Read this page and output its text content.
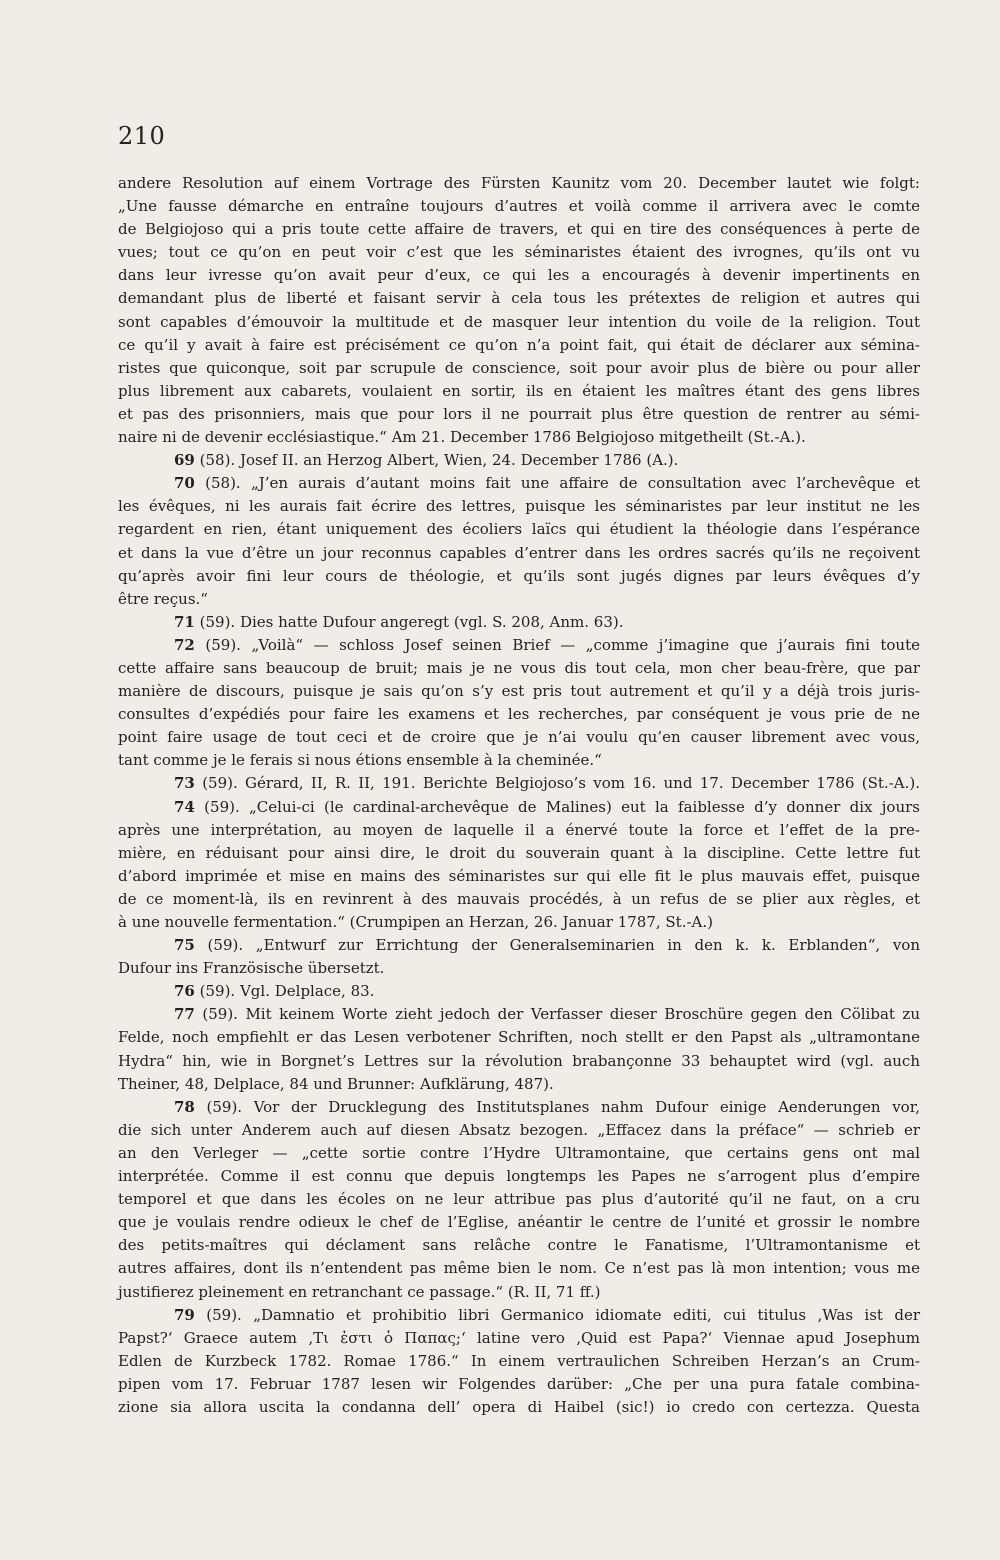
210
andere Resolution auf einem Vortrage des Fürsten Kaunitz vom 20. December lautet wie folgt:
„Une fausse démarche en entraîne toujours d’autres et voilà comme il arrivera avec le comte
de Belgiojoso qui a pris toute cette affaire de travers, et qui en tire des conséquences à perte de
vues; tout ce qu’on en peut voir c’est que les séminaristes étaient des ivrognes, qu’ils ont vu
dans leur ivresse qu’on avait peur d’eux, ce qui les a encouragés à devenir impertinents en
demandant plus de liberté et faisant servir à cela tous les prétextes de religion et autres qui
sont capables d’émouvoir la multitude et de masquer leur intention du voile de la religion. Tout
ce qu’il y avait à faire est précisément ce qu’on n’a point fait, qui était de déclarer aux sémina-
ristes que quiconque, soit par scrupule de conscience, soit pour avoir plus de bière ou pour aller
plus librement aux cabarets, voulaient en sortir, ils en étaient les maîtres étant des gens libres
et pas des prisonniers, mais que pour lors il ne pourrait plus être question de rentrer au sémi-
naire ni de devenir ecclésiastique.“ Am 21. December 1786 Belgiojoso mitgetheilt (St.-A.).
69 (58). Josef II. an Herzog Albert, Wien, 24. December 1786 (A.).
70 (58). „J’en aurais d’autant moins fait une affaire de consultation avec l’archevêque et
les évêques, ni les aurais fait écrire des lettres, puisque les séminaristes par leur institut ne les
regardent en rien, étant uniquement des écoliers laïcs qui étudient la théologie dans l’espérance
et dans la vue d’être un jour reconnus capables d’entrer dans les ordres sacrés qu’ils ne reçoivent
qu’après avoir fini leur cours de théologie, et qu’ils sont jugés dignes par leurs évêques d’y
être reçus.“
71 (59). Dies hatte Dufour angeregt (vgl. S. 208, Anm. 63).
72 (59). „Voilà“ — schloss Josef seinen Brief — „comme j’imagine que j’aurais fini toute
cette affaire sans beaucoup de bruit; mais je ne vous dis tout cela, mon cher beau-frère, que par
manière de discours, puisque je sais qu’on s’y est pris tout autrement et qu’il y a déjà trois juris-
consultes d’expédiés pour faire les examens et les recherches, par conséquent je vous prie de ne
point faire usage de tout ceci et de croire que je n’ai voulu qu’en causer librement avec vous,
tant comme je le ferais si nous étions ensemble à la cheminée.“
73 (59). Gérard, II, R. II, 191. Berichte Belgiojoso’s vom 16. und 17. December 1786 (St.-A.).
74 (59). „Celui-ci (le cardinal-archevêque de Malines) eut la faiblesse d’y donner dix jours
après une interprétation, au moyen de laquelle il a énervé toute la force et l’effet de la pre-
mière, en réduisant pour ainsi dire, le droit du souverain quant à la discipline. Cette lettre fut
d’abord imprimée et mise en mains des séminaristes sur qui elle fit le plus mauvais effet, puisque
de ce moment-là, ils en revinrent à des mauvais procédés, à un refus de se plier aux règles, et
à une nouvelle fermentation.“ (Crumpipen an Herzan, 26. Januar 1787, St.-A.)
75 (59). „Entwurf zur Errichtung der Generalseminarien in den k. k. Erblanden“, von
Dufour ins Französische übersetzt.
76 (59). Vgl. Delplace, 83.
77 (59). Mit keinem Worte zieht jedoch der Verfasser dieser Broschüre gegen den Cölibat zu
Felde, noch empfiehlt er das Lesen verbotener Schriften, noch stellt er den Papst als „ultramontane
Hydra“ hin, wie in Borgnet’s Lettres sur la révolution brabançonne 33 behauptet wird (vgl. auch
Theiner, 48, Delplace, 84 und Brunner: Aufklärung, 487).
78 (59). Vor der Drucklegung des Institutsplanes nahm Dufour einige Aenderungen vor,
die sich unter Anderem auch auf diesen Absatz bezogen. „Effacez dans la préface“ — schrieb er
an den Verleger — „cette sortie contre l’Hydre Ultramontaine, que certains gens ont mal
interprétée. Comme il est connu que depuis longtemps les Papes ne s’arrogent plus d’empire
temporel et que dans les écoles on ne leur attribue pas plus d’autorité qu’il ne faut, on a cru
que je voulais rendre odieux le chef de l’Eglise, anéantir le centre de l’unité et grossir le nombre
des petits-maîtres qui déclament sans relâche contre le Fanatisme, l’Ultramontanisme et
autres affaires, dont ils n’entendent pas même bien le nom. Ce n’est pas là mon intention; vous me
justifierez pleinement en retranchant ce passage.“ (R. II, 71 ff.)
79 (59). „Damnatio et prohibitio libri Germanico idiomate editi, cui titulus ‚Was ist der
Papst?‘ Graece autem ‚Τι ἐστι ὁ Παπας;‘ latine vero ‚Quid est Papa?‘ Viennae apud Josephum
Edlen de Kurzbeck 1782. Romae 1786.“ In einem vertraulichen Schreiben Herzan’s an Crum-
pipen vom 17. Februar 1787 lesen wir Folgendes darüber: „Che per una pura fatale combina-
zione sia allora uscita la condanna dell’ opera di Haibel (sic!) io credo con certezza. Questa
